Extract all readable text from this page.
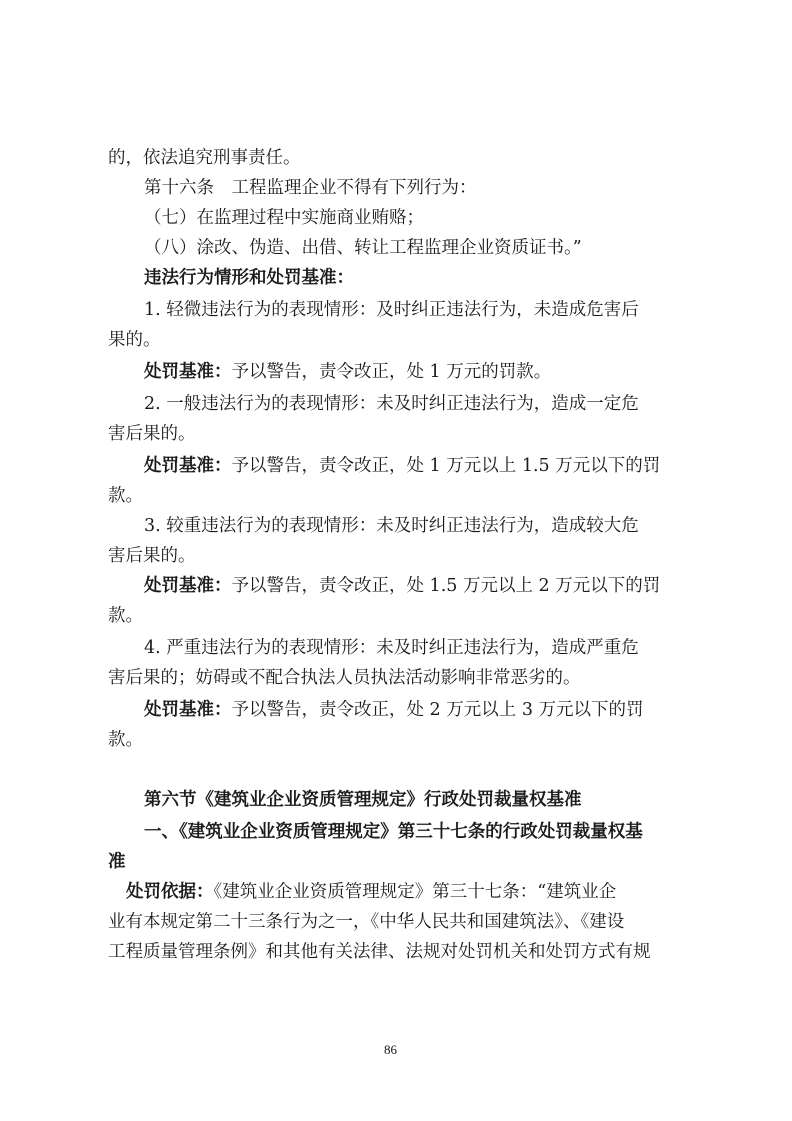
的，依法追究刑事责任。
第十六条　工程监理企业不得有下列行为：
（七）在监理过程中实施商业贿赂；
（八）涂改、伪造、出借、转让工程监理企业资质证书。”
违法行为情形和处罚基准：
1. 轻微违法行为的表现情形：及时纠正违法行为，未造成危害后
果的。
处罚基准：予以警告，责令改正，处 1 万元的罚款。
2. 一般违法行为的表现情形：未及时纠正违法行为，造成一定危
害后果的。
处罚基准：予以警告，责令改正，处 1 万元以上 1.5 万元以下的罚
款。
3. 较重违法行为的表现情形：未及时纠正违法行为，造成较大危
害后果的。
处罚基准：予以警告，责令改正，处 1.5 万元以上 2 万元以下的罚
款。
4. 严重违法行为的表现情形：未及时纠正违法行为，造成严重危
害后果的；妨碍或不配合执法人员执法活动影响非常恶劣的。
处罚基准：予以警告，责令改正，处 2 万元以上 3 万元以下的罚
款。
第六节《建筑业企业资质管理规定》行政处罚裁量权基准
一、《建筑业企业资质管理规定》第三十七条的行政处罚裁量权基
准
处罚依据：《建筑业企业资质管理规定》第三十七条：“建筑业企
业有本规定第二十三条行为之一，《中华人民共和国建筑法》、《建设
工程质量管理条例》和其他有关法律、法规对处罚机关和处罚方式有规
86
